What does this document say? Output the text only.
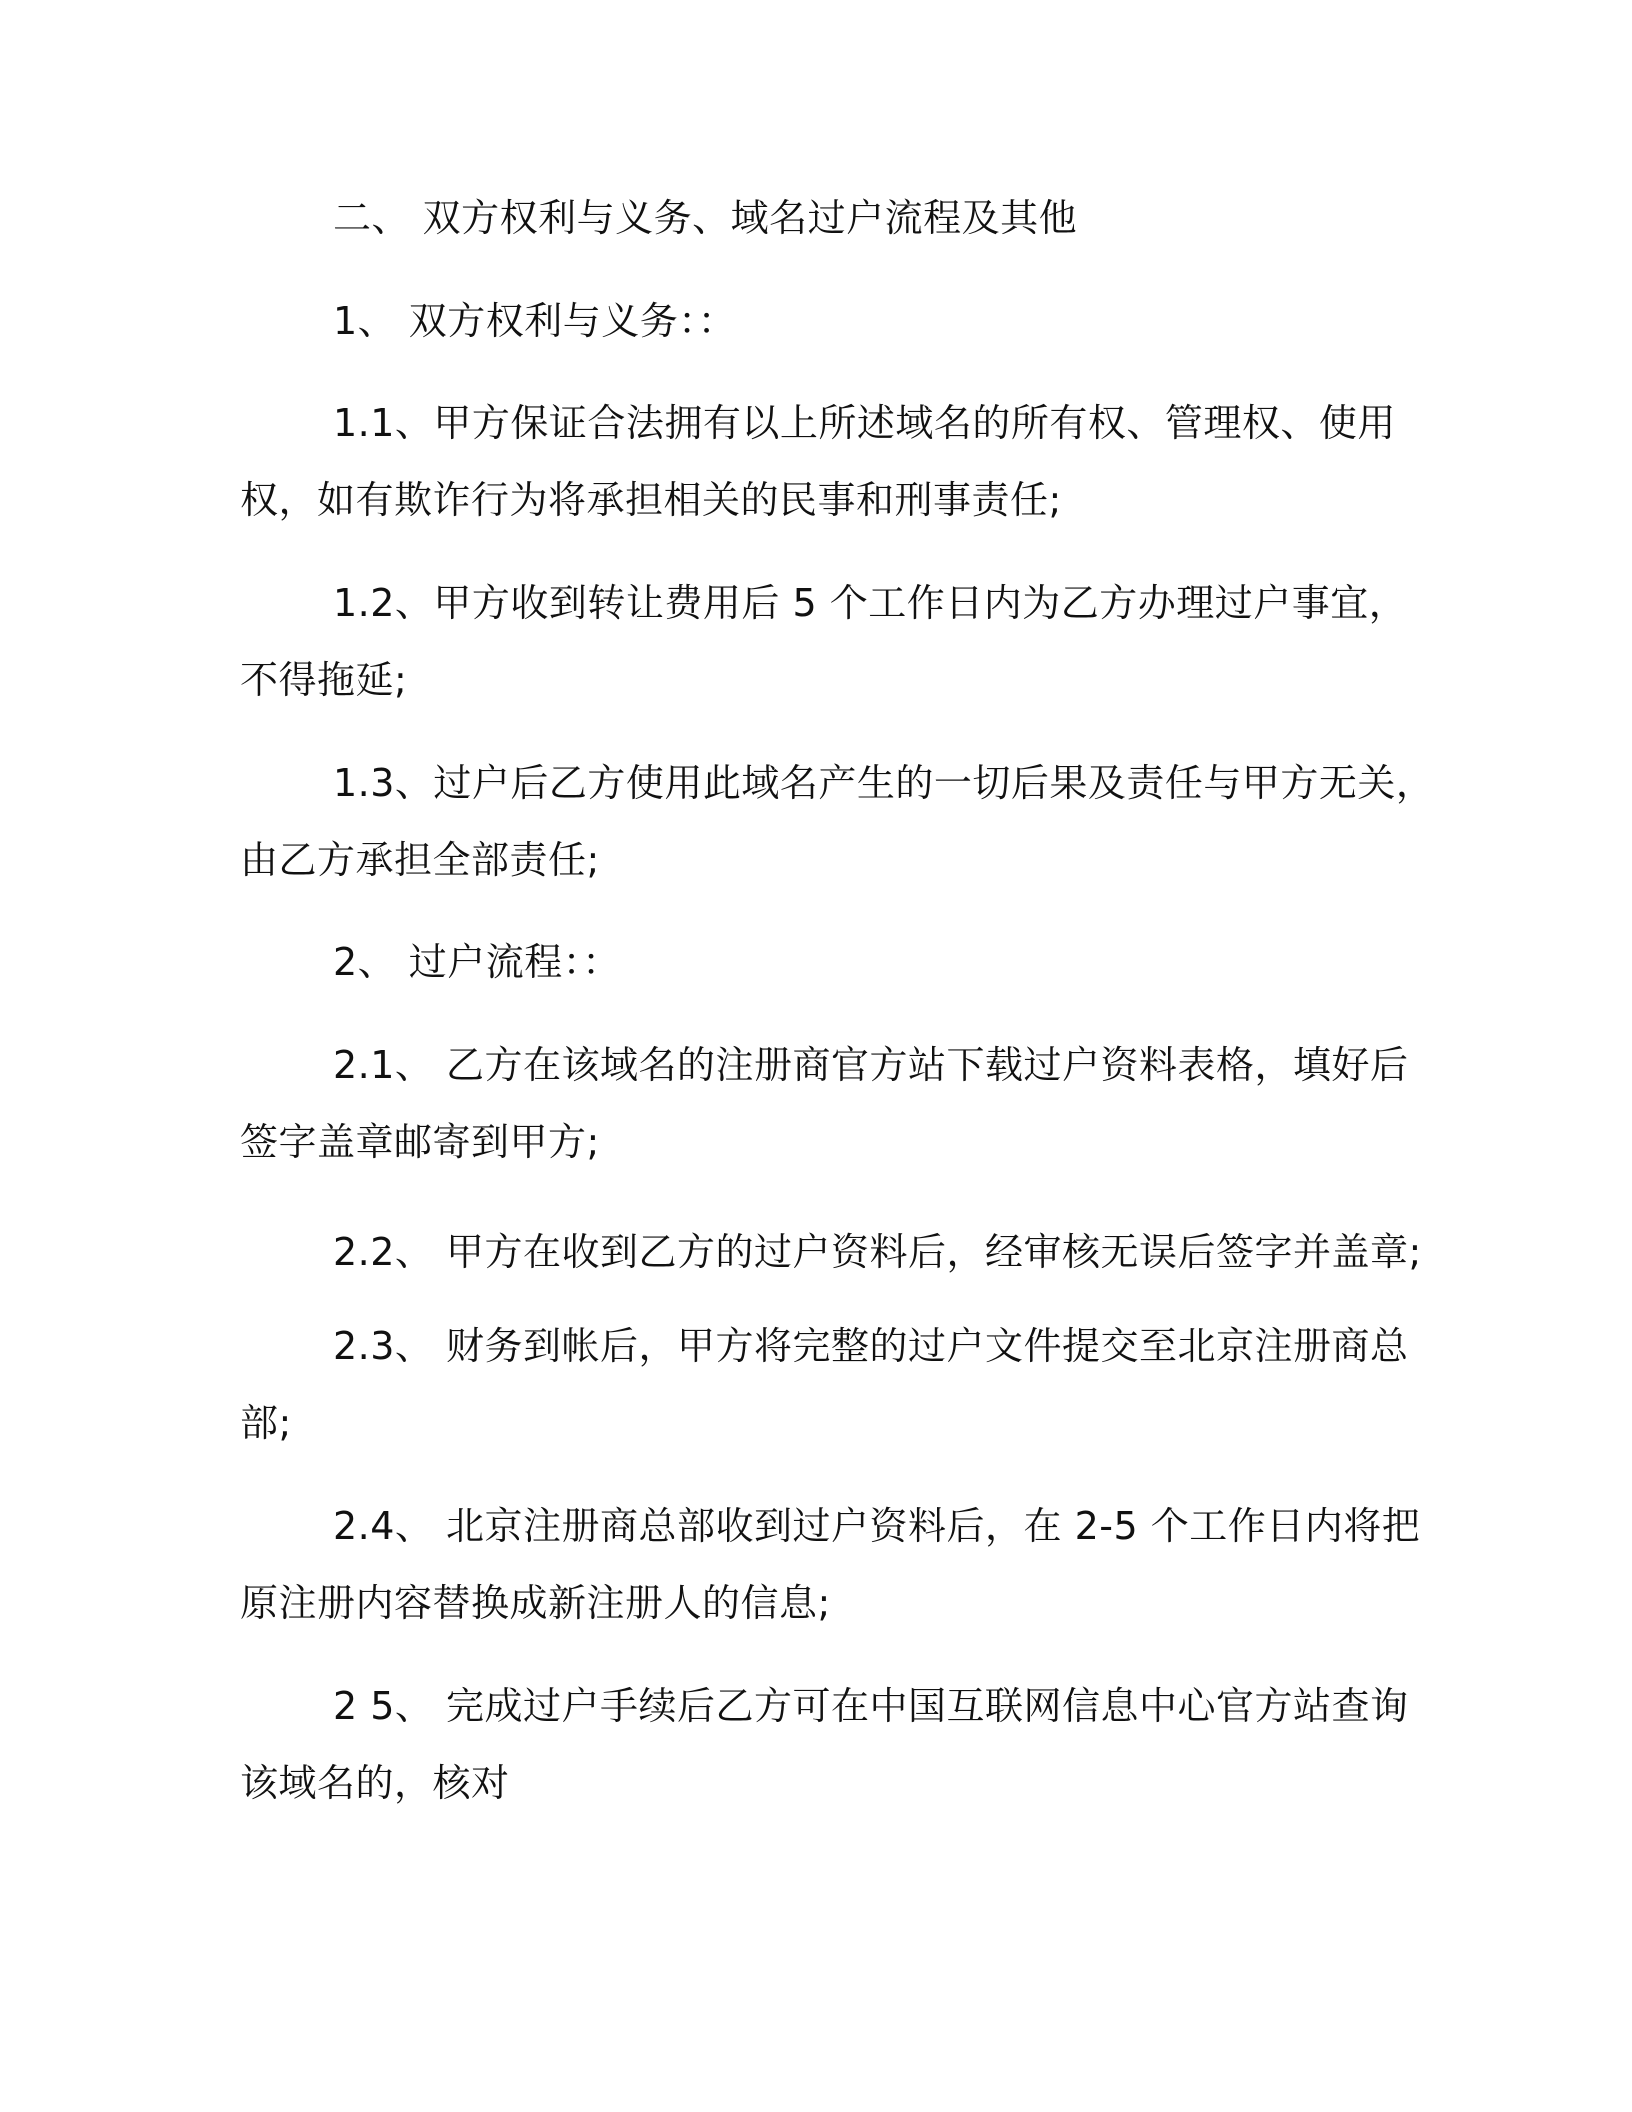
二、 双方权利与义务、域名过户流程及其他

1、 双方权利与义务：：

1.1、甲方保证合法拥有以上所述域名的所有权、管理权、使用

权，如有欺诈行为将承担相关的民事和刑事责任;

1.2、甲方收到转让费用后 5 个工作日内为乙方办理过户事宜，

不得拖延;

1.3、过户后乙方使用此域名产生的一切后果及责任与甲方无关，

由乙方承担全部责任;

2、 过户流程：：

2.1、 乙方在该域名的注册商官方站下载过户资料表格，填好后

签字盖章邮寄到甲方;

2.2、 甲方在收到乙方的过户资料后，经审核无误后签字并盖章;

2.3、 财务到帐后，甲方将完整的过户文件提交至北京注册商总

部;

2.4、 北京注册商总部收到过户资料后，在 2-5 个工作日内将把

原注册内容替换成新注册人的信息;

2 5、 完成过户手续后乙方可在中国互联网信息中心官方站查询

该域名的，核对
